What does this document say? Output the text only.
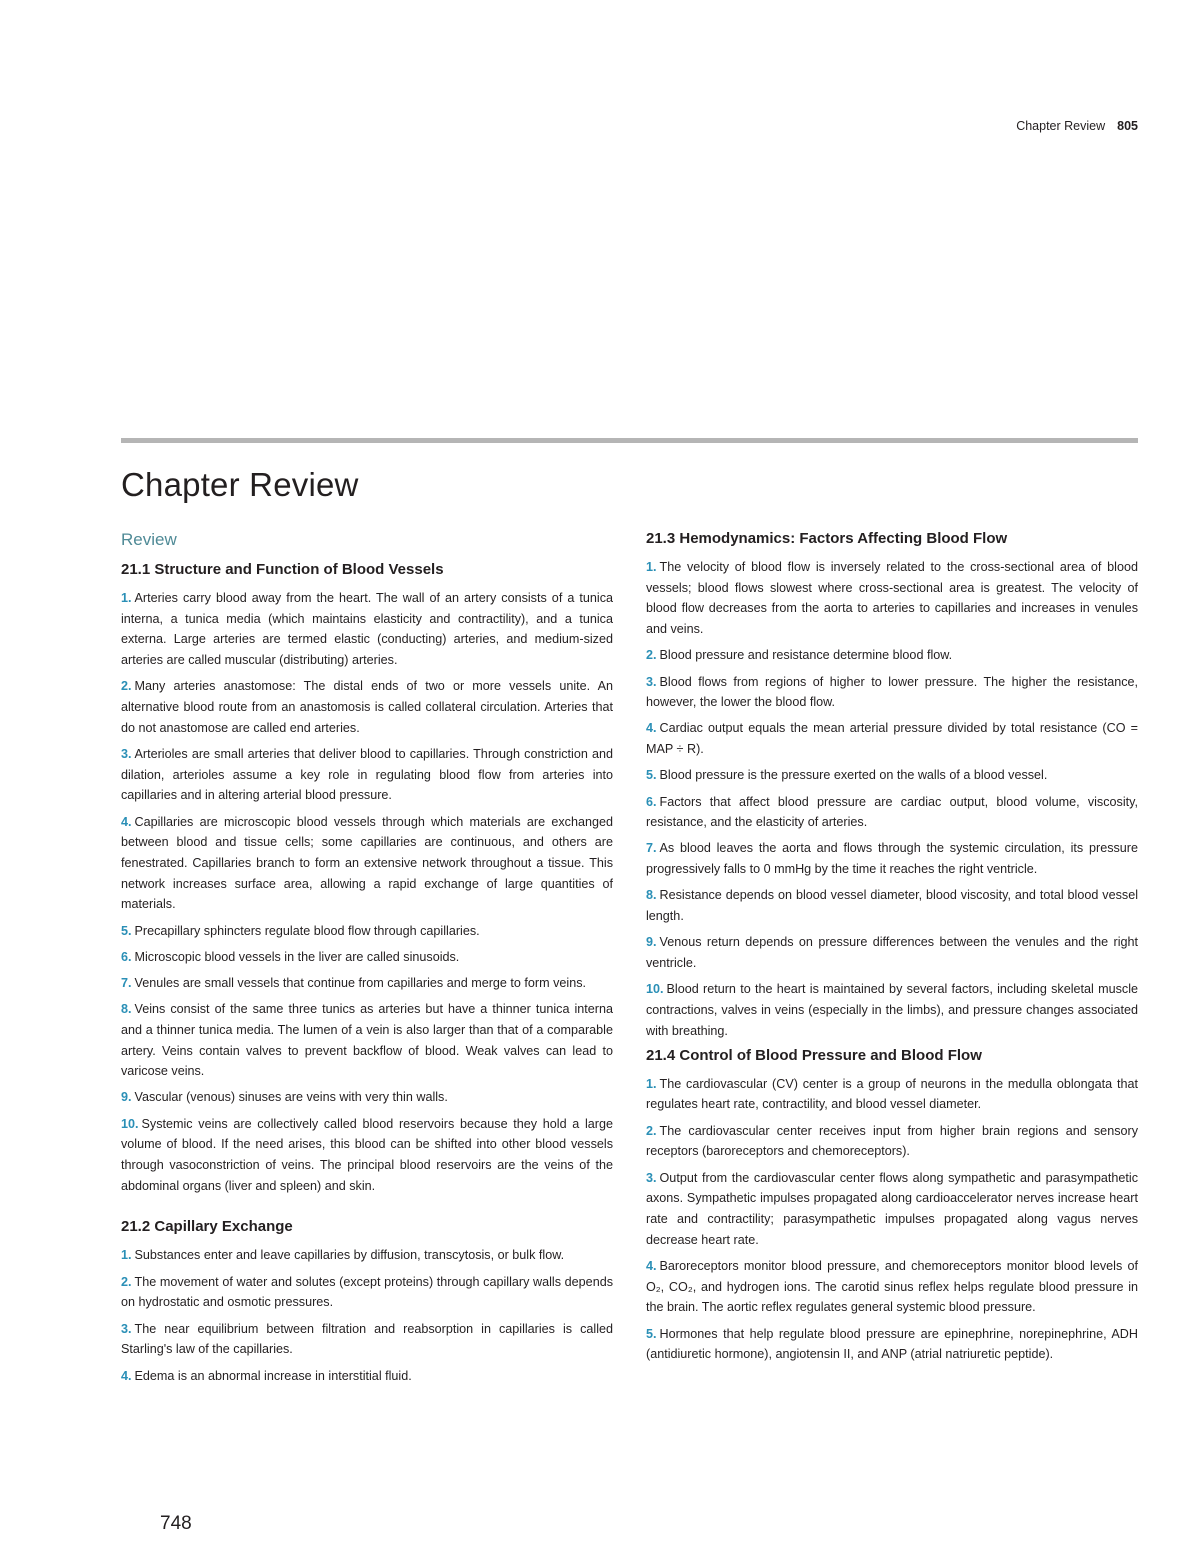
Chapter Review 805
Chapter Review
Review
21.1 Structure and Function of Blood Vessels

1. Arteries carry blood away from the heart. The wall of an artery consists of a tunica interna, a tunica media (which maintains elasticity and contractility), and a tunica externa. Large arteries are termed elastic (conducting) arteries, and medium-sized arteries are called muscular (distributing) arteries.

2. Many arteries anastomose: The distal ends of two or more vessels unite. An alternative blood route from an anastomosis is called collateral circulation. Arteries that do not anastomose are called end arteries.

3. Arterioles are small arteries that deliver blood to capillaries. Through constriction and dilation, arterioles assume a key role in regulating blood flow from arteries into capillaries and in altering arterial blood pressure.

4. Capillaries are microscopic blood vessels through which materials are exchanged between blood and tissue cells; some capillaries are continuous, and others are fenestrated. Capillaries branch to form an extensive network throughout a tissue. This network increases surface area, allowing a rapid exchange of large quantities of materials.

5. Precapillary sphincters regulate blood flow through capillaries.

6. Microscopic blood vessels in the liver are called sinusoids.

7. Venules are small vessels that continue from capillaries and merge to form veins.

8. Veins consist of the same three tunics as arteries but have a thinner tunica interna and a thinner tunica media. The lumen of a vein is also larger than that of a comparable artery. Veins contain valves to prevent backflow of blood. Weak valves can lead to varicose veins.

9. Vascular (venous) sinuses are veins with very thin walls.

10. Systemic veins are collectively called blood reservoirs because they hold a large volume of blood. If the need arises, this blood can be shifted into other blood vessels through vasoconstriction of veins. The principal blood reservoirs are the veins of the abdominal organs (liver and spleen) and skin.

21.2 Capillary Exchange

1. Substances enter and leave capillaries by diffusion, transcytosis, or bulk flow.

2. The movement of water and solutes (except proteins) through capillary walls depends on hydrostatic and osmotic pressures.

3. The near equilibrium between filtration and reabsorption in capillaries is called Starling's law of the capillaries.

4. Edema is an abnormal increase in interstitial fluid.

21.3 Hemodynamics: Factors Affecting Blood Flow

1. The velocity of blood flow is inversely related to the cross-sectional area of blood vessels; blood flows slowest where cross-sectional area is greatest. The velocity of blood flow decreases from the aorta to arteries to capillaries and increases in venules and veins.

2. Blood pressure and resistance determine blood flow.

3. Blood flows from regions of higher to lower pressure. The higher the resistance, however, the lower the blood flow.

4. Cardiac output equals the mean arterial pressure divided by total resistance (CO = MAP ÷ R).

5. Blood pressure is the pressure exerted on the walls of a blood vessel.

6. Factors that affect blood pressure are cardiac output, blood volume, viscosity, resistance, and the elasticity of arteries.

7. As blood leaves the aorta and flows through the systemic circulation, its pressure progressively falls to 0 mmHg by the time it reaches the right ventricle.

8. Resistance depends on blood vessel diameter, blood viscosity, and total blood vessel length.

9. Venous return depends on pressure differences between the venules and the right ventricle.

10. Blood return to the heart is maintained by several factors, including skeletal muscle contractions, valves in veins (especially in the limbs), and pressure changes associated with breathing.

21.4 Control of Blood Pressure and Blood Flow

1. The cardiovascular (CV) center is a group of neurons in the medulla oblongata that regulates heart rate, contractility, and blood vessel diameter.

2. The cardiovascular center receives input from higher brain regions and sensory receptors (baroreceptors and chemoreceptors).

3. Output from the cardiovascular center flows along sympathetic and parasympathetic axons. Sympathetic impulses propagated along cardioaccelerator nerves increase heart rate and contractility; parasympathetic impulses propagated along vagus nerves decrease heart rate.

4. Baroreceptors monitor blood pressure, and chemoreceptors monitor blood levels of O₂, CO₂, and hydrogen ions. The carotid sinus reflex helps regulate blood pressure in the brain. The aortic reflex regulates general systemic blood pressure.

5. Hormones that help regulate blood pressure are epinephrine, norepinephrine, ADH (antidiuretic hormone), angiotensin II, and ANP (atrial natriuretic peptide).

748
